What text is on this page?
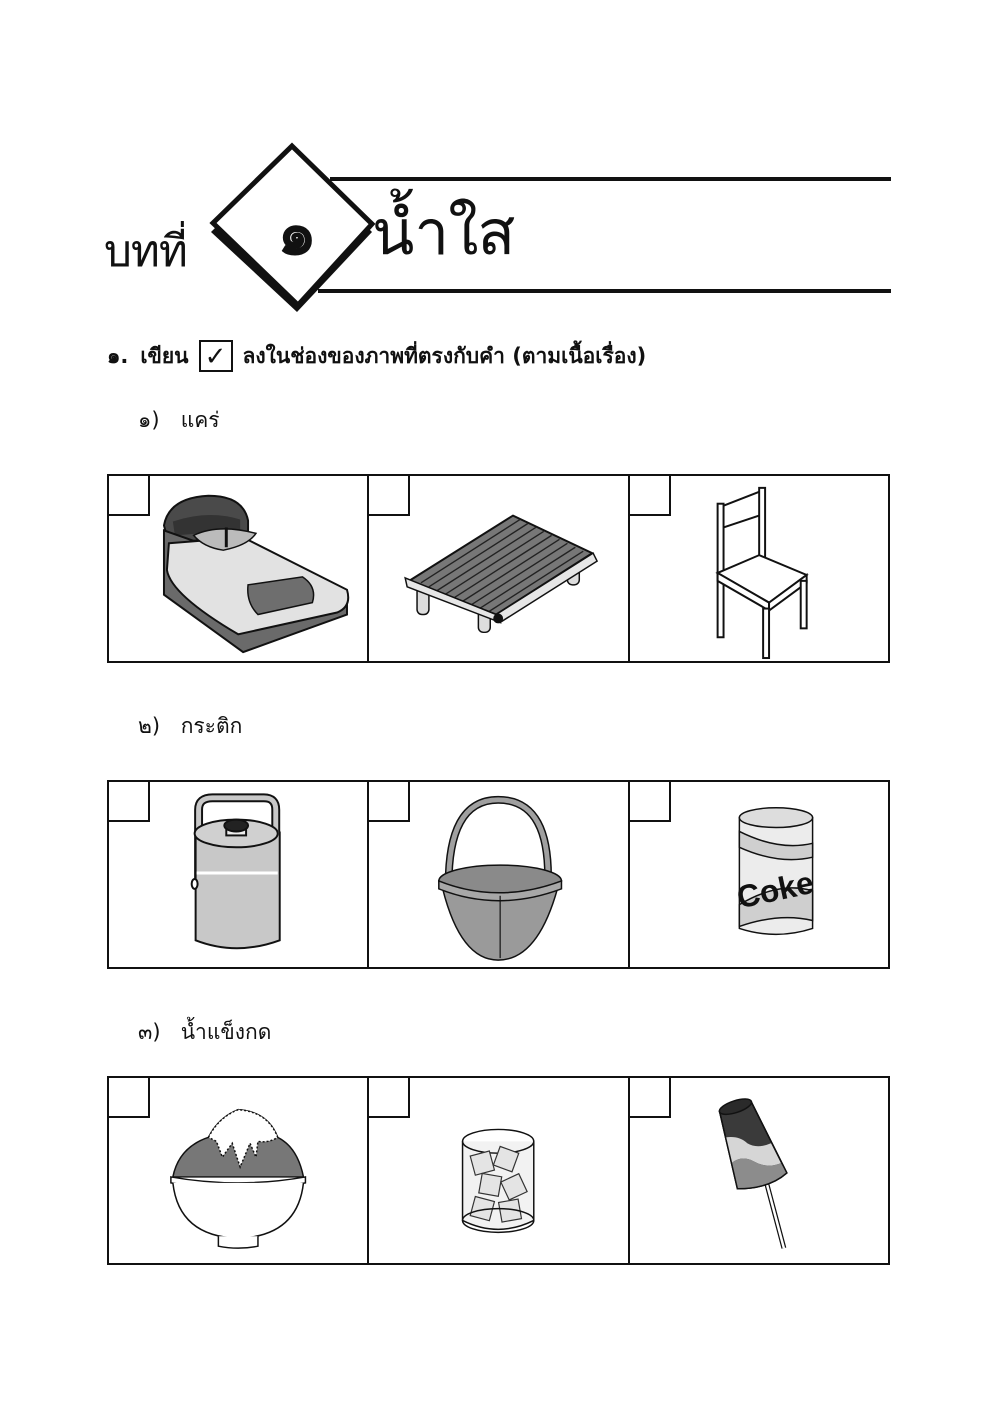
บทที่	๑ น้ำใส
๑. เขียน ✓ ลงในช่องของภาพที่ตรงกับคำ (ตามเนื้อเรื่อง)
๑) แคร่
๒) กระติก
Coke
๓) น้ำแข็งกด
